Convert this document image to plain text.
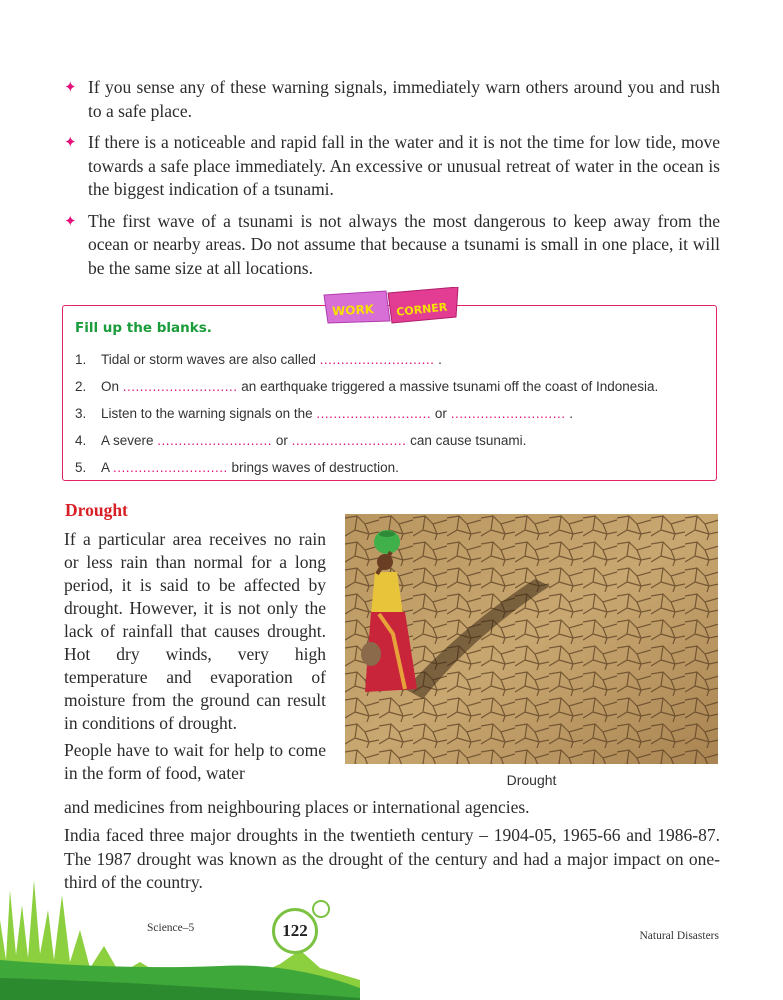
✦ If you sense any of these warning signals, immediately warn others around you and rush to a safe place.
✦ If there is a noticeable and rapid fall in the water and it is not the time for low tide, move towards a safe place immediately. An excessive or unusual retreat of water in the ocean is the biggest indication of a tsunami.
✦ The first wave of a tsunami is not always the most dangerous to keep away from the ocean or nearby areas. Do not assume that because a tsunami is small in one place, it will be the same size at all locations.
Fill up the blanks.
1. Tidal or storm waves are also called ........................... .
2. On ........................... an earthquake triggered a massive tsunami off the coast of Indonesia.
3. Listen to the warning signals on the ........................... or ........................... .
4. A severe ........................... or ........................... can cause tsunami.
5. A ........................... brings waves of destruction.
WORK CORNER
Drought

If a particular area receives no rain or less rain than normal for a long period, it is said to be affected by drought. However, it is not only the lack of rainfall that causes drought. Hot dry winds, very high temperature and evaporation of moisture from the ground can result in conditions of drought.

People have to wait for help to come in the form of food, water

and medicines from neighbouring places or international agencies.
India faced three major droughts in the twentieth century – 1904-05, 1965-66 and 1986-87. The 1987 drought was known as the drought of the century and had a major impact on one-third of the country.
Drought
122
Science–5
Natural Disasters
